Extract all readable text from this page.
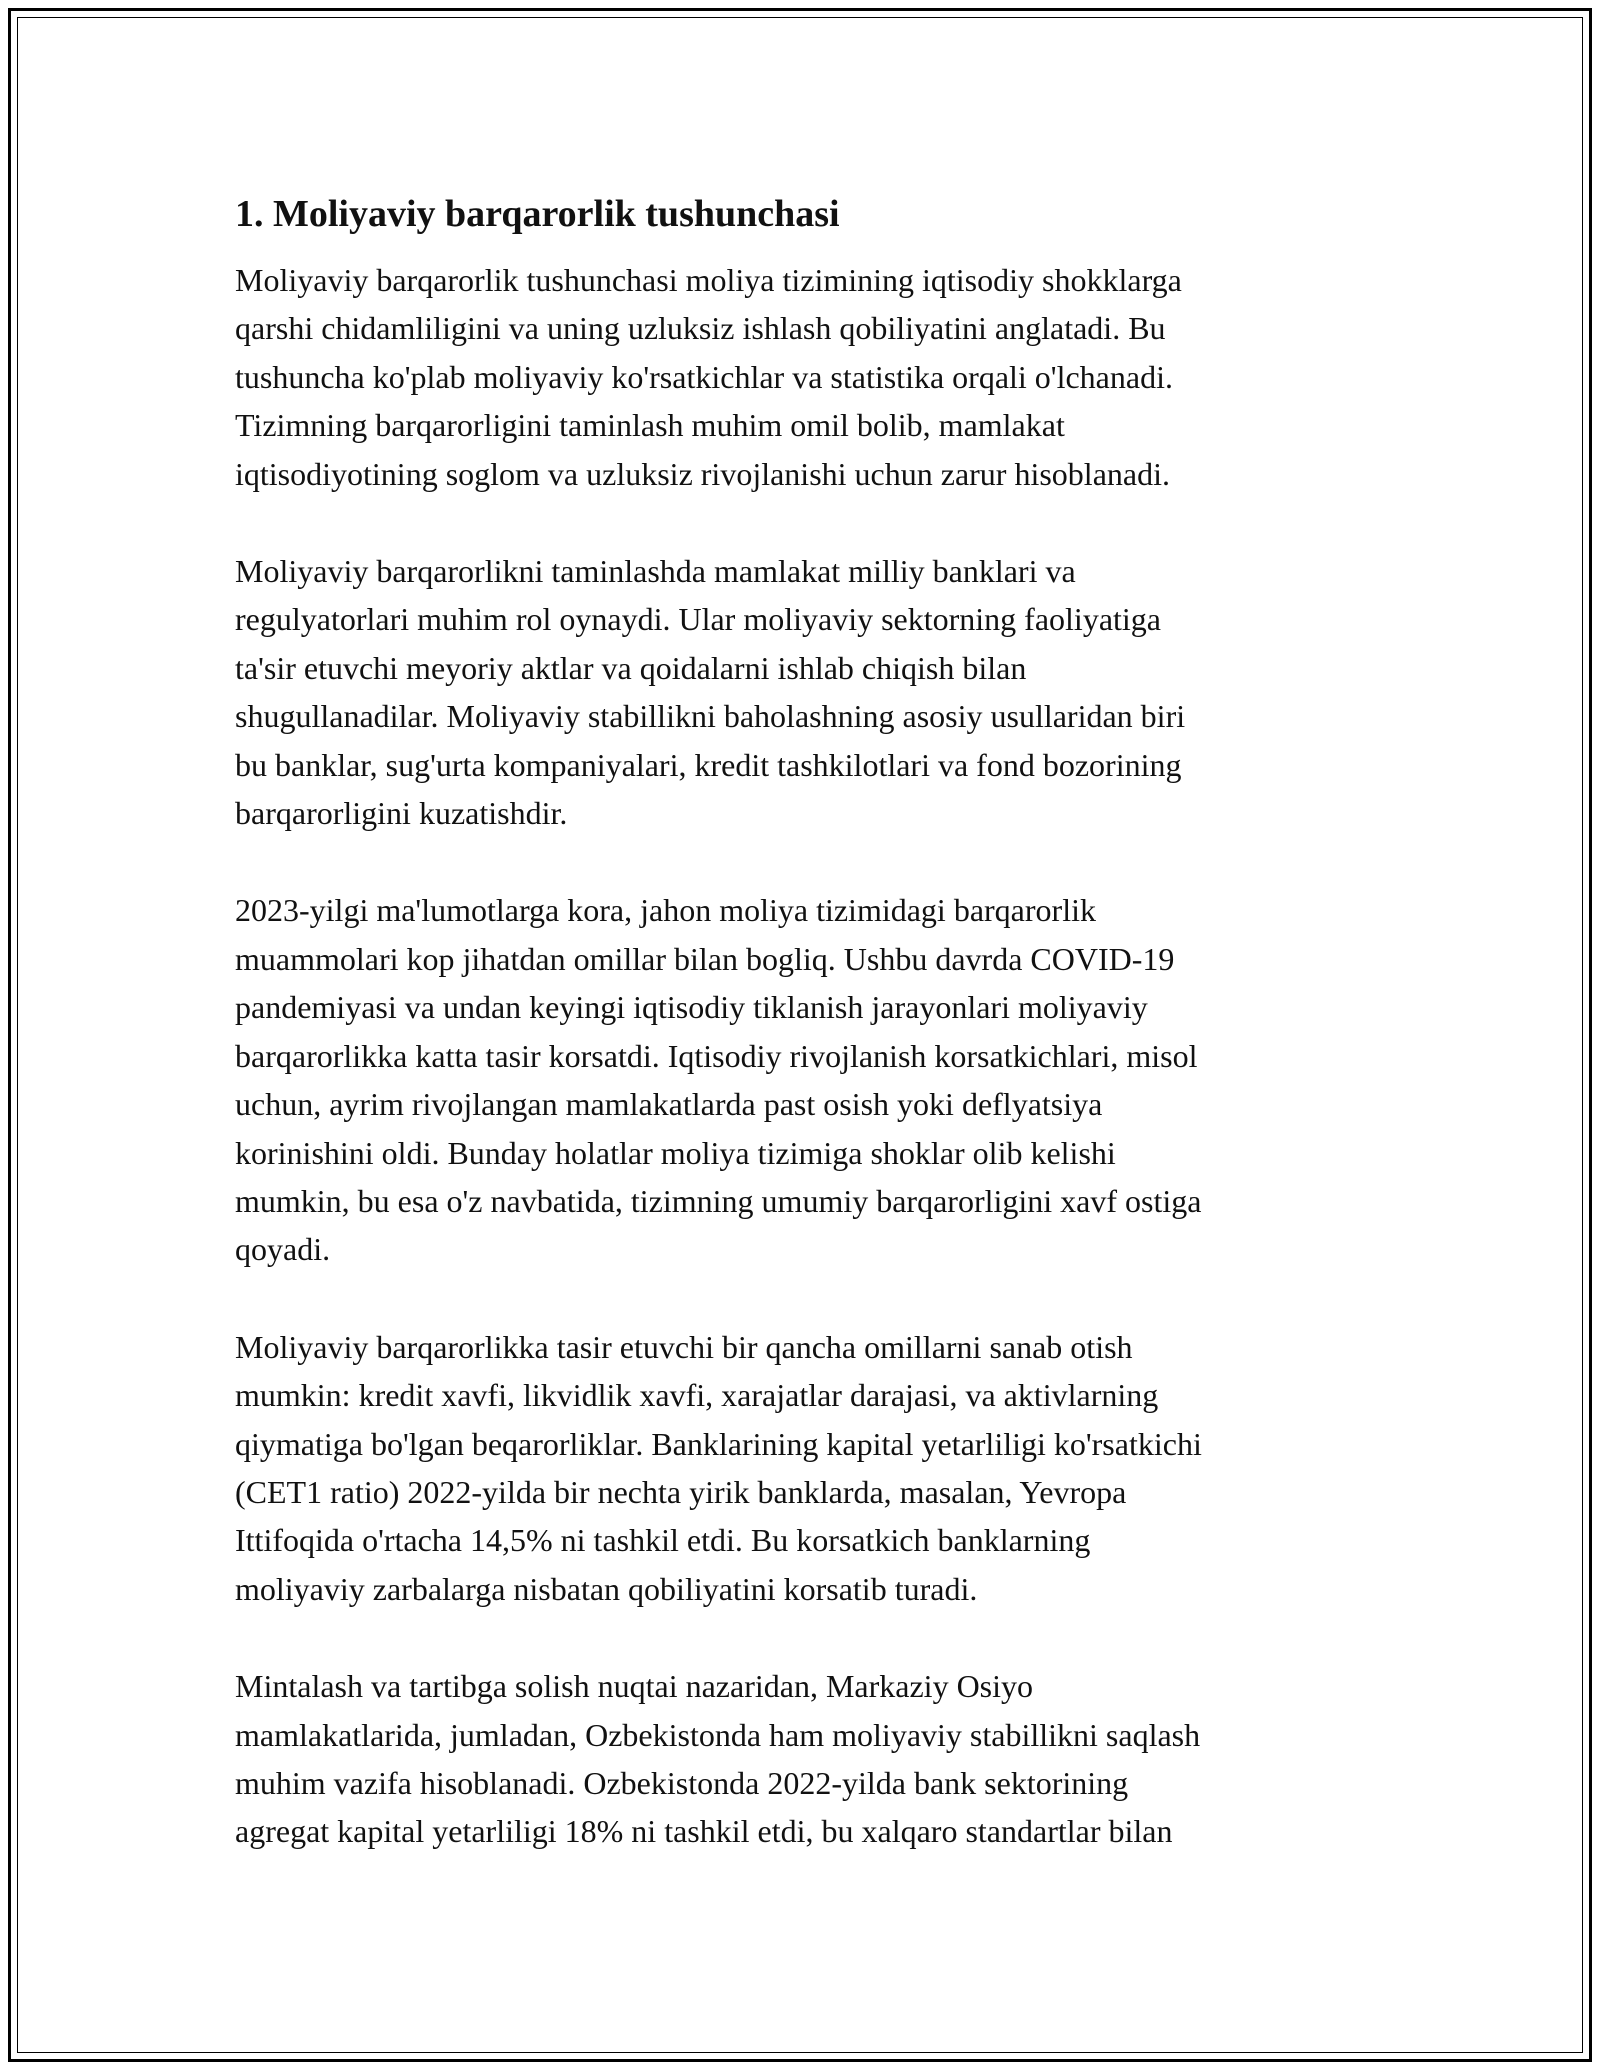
1. Moliyaviy barqarorlik tushunchasi

Moliyaviy barqarorlik tushunchasi moliya tizimining iqtisodiy shokklarga
qarshi chidamliligini va uning uzluksiz ishlash qobiliyatini anglatadi. Bu
tushuncha ko'plab moliyaviy ko'rsatkichlar va statistika orqali o'lchanadi.
Tizimning barqarorligini taminlash muhim omil bolib, mamlakat
iqtisodiyotining soglom va uzluksiz rivojlanishi uchun zarur hisoblanadi.

Moliyaviy barqarorlikni taminlashda mamlakat milliy banklari va
regulyatorlari muhim rol oynaydi. Ular moliyaviy sektorning faoliyatiga
ta'sir etuvchi meyoriy aktlar va qoidalarni ishlab chiqish bilan
shugullanadilar. Moliyaviy stabillikni baholashning asosiy usullaridan biri
bu banklar, sug'urta kompaniyalari, kredit tashkilotlari va fond bozorining
barqarorligini kuzatishdir.

2023-yilgi ma'lumotlarga kora, jahon moliya tizimidagi barqarorlik
muammolari kop jihatdan omillar bilan bogliq. Ushbu davrda COVID-19
pandemiyasi va undan keyingi iqtisodiy tiklanish jarayonlari moliyaviy
barqarorlikka katta tasir korsatdi. Iqtisodiy rivojlanish korsatkichlari, misol
uchun, ayrim rivojlangan mamlakatlarda past osish yoki deflyatsiya
korinishini oldi. Bunday holatlar moliya tizimiga shoklar olib kelishi
mumkin, bu esa o'z navbatida, tizimning umumiy barqarorligini xavf ostiga
qoyadi.

Moliyaviy barqarorlikka tasir etuvchi bir qancha omillarni sanab otish
mumkin: kredit xavfi, likvidlik xavfi, xarajatlar darajasi, va aktivlarning
qiymatiga bo'lgan beqarorliklar. Banklarining kapital yetarliligi ko'rsatkichi
(CET1 ratio) 2022-yilda bir nechta yirik banklarda, masalan, Yevropa
Ittifoqida o'rtacha 14,5% ni tashkil etdi. Bu korsatkich banklarning
moliyaviy zarbalarga nisbatan qobiliyatini korsatib turadi.

Mintalash va tartibga solish nuqtai nazaridan, Markaziy Osiyo
mamlakatlarida, jumladan, Ozbekistonda ham moliyaviy stabillikni saqlash
muhim vazifa hisoblanadi. Ozbekistonda 2022-yilda bank sektorining
agregat kapital yetarliligi 18% ni tashkil etdi, bu xalqaro standartlar bilan
